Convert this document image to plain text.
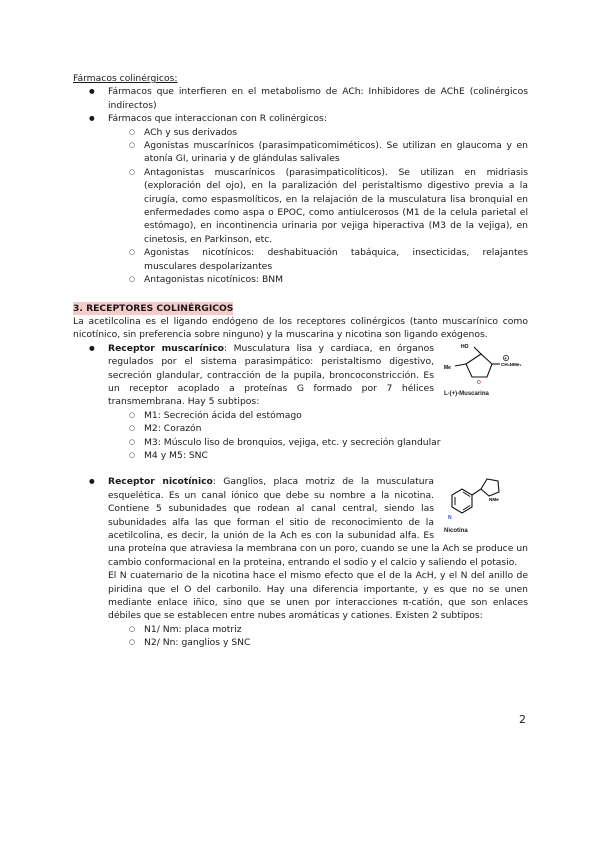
Fármacos colinérgicos:

● Fármacos que interfieren en el metabolismo de ACh: Inhibidores de AChE (colinérgicos indirectos)
● Fármacos que interaccionan con R colinérgicos:
○ ACh y sus derivados
○ Agonistas muscarínicos (parasimpaticomiméticos). Se utilizan en glaucoma y en atonía GI, urinaria y de glándulas salivales
○ Antagonistas muscarínicos (parasimpaticolíticos). Se utilizan en midriasis (exploración del ojo), en la paralización del peristaltismo digestivo previa a la cirugía, como espasmolíticos, en la relajación de la musculatura lisa bronquial en enfermedades como aspa o EPOC, como antiulcerosos (M1 de la celula parietal el estómago), en incontinencia urinaria por vejiga hiperactiva (M3 de la vejiga), en cinetosis, en Parkinson, etc.
○ Agonistas nicotínicos: deshabituación tabáquica, insecticidas, relajantes musculares despolarizantes
○ Antagonistas nicotínicos: BNM
3. RECEPTORES COLINÉRGICOS

La acetilcolina es el ligando endógeno de los receptores colinérgicos (tanto muscarínico como nicotínico, sin preferencia sobre ninguno) y la muscarina y nicotina son ligando exógenos.

● HO
Me
O
+
CH₂NMe₃
L-(+)-Muscarina
Receptor muscarínico: Musculatura lisa y cardiaca, en órganos regulados por el sistema parasimpático: peristaltismo digestivo, secreción glandular, contracción de la pupila, broncoconstricción. Es un receptor acoplado a proteínas G formado por 7 hélices transmembrana. Hay 5 subtipos:
○ M1: Secreción ácida del estómago
○ M2: Corazón
○ M3: Músculo liso de bronquios, vejiga, etc. y secreción glandular
○ M4 y M5: SNC
● N
NMe
Nicotina
Receptor nicotínico: Ganglios, placa motriz de la musculatura esquelética. Es un canal iónico que debe su nombre a la nicotina. Contiene 5 subunidades que rodean al canal central, siendo las subunidades alfa las que forman el sitio de reconocimiento de la acetilcolina, es decir, la unión de la Ach es con la subunidad alfa. Es una proteína que atraviesa la membrana con un poro, cuando se une la Ach se produce un cambio conformacional en la proteina, entrando el sodio y el calcio y saliendo el potasio.

El N cuaternario de la nicotina hace el mismo efecto que el de la AcH, y el N del anillo de piridina que el O del carbonilo. Hay una diferencia importante, y es que no se unen mediante enlace iñico, sino que se unen por interacciones π-catión, que son enlaces débiles que se establecen entre nubes aromáticas y cationes. Existen 2 subtipos:

○ N1/ Nm: placa motriz
○ N2/ Nn: ganglios y SNC
2
